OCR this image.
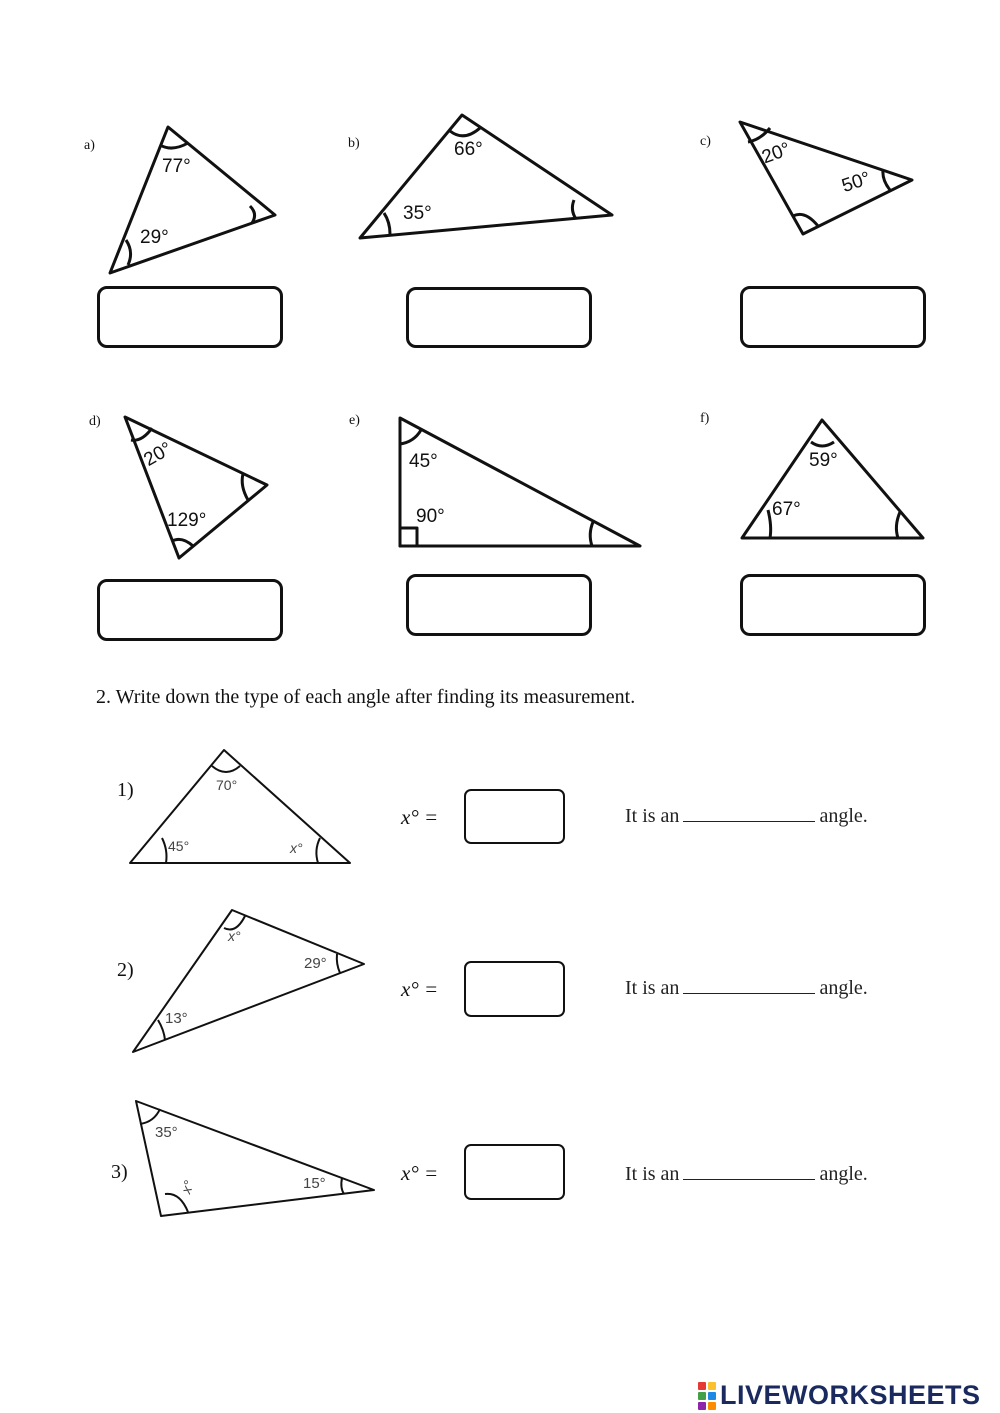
a)
77°
29°
b)	66°
35°
c)	20°
50°
d)
20°
129°
e)
45°
90°
f)
59°
67°
2. Write down the type of each angle after finding its measurement.
1)	70°
45°	x°
x° =	It is an	angle.
2)
x°
29°
13°
x° =	It is an	angle.
3)
35°
x°	15°	x° =	It is an	angle.
LIVEWORKSHEETS
